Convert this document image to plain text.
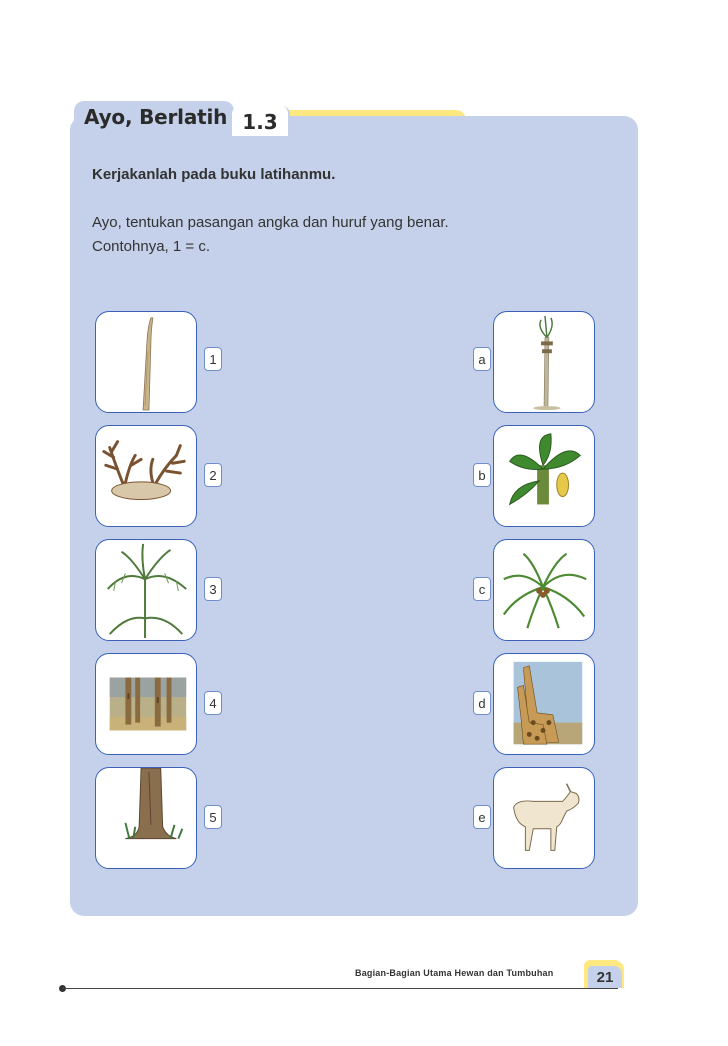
Ayo, Berlatih 1.3
Kerjakanlah pada buku latihanmu.
Ayo, tentukan pasangan angka dan huruf yang benar.
Contohnya, 1 = c.
1
2
3
4
5
a
b
c
d
e
Bagian-Bagian Utama Hewan dan Tumbuhan	21
